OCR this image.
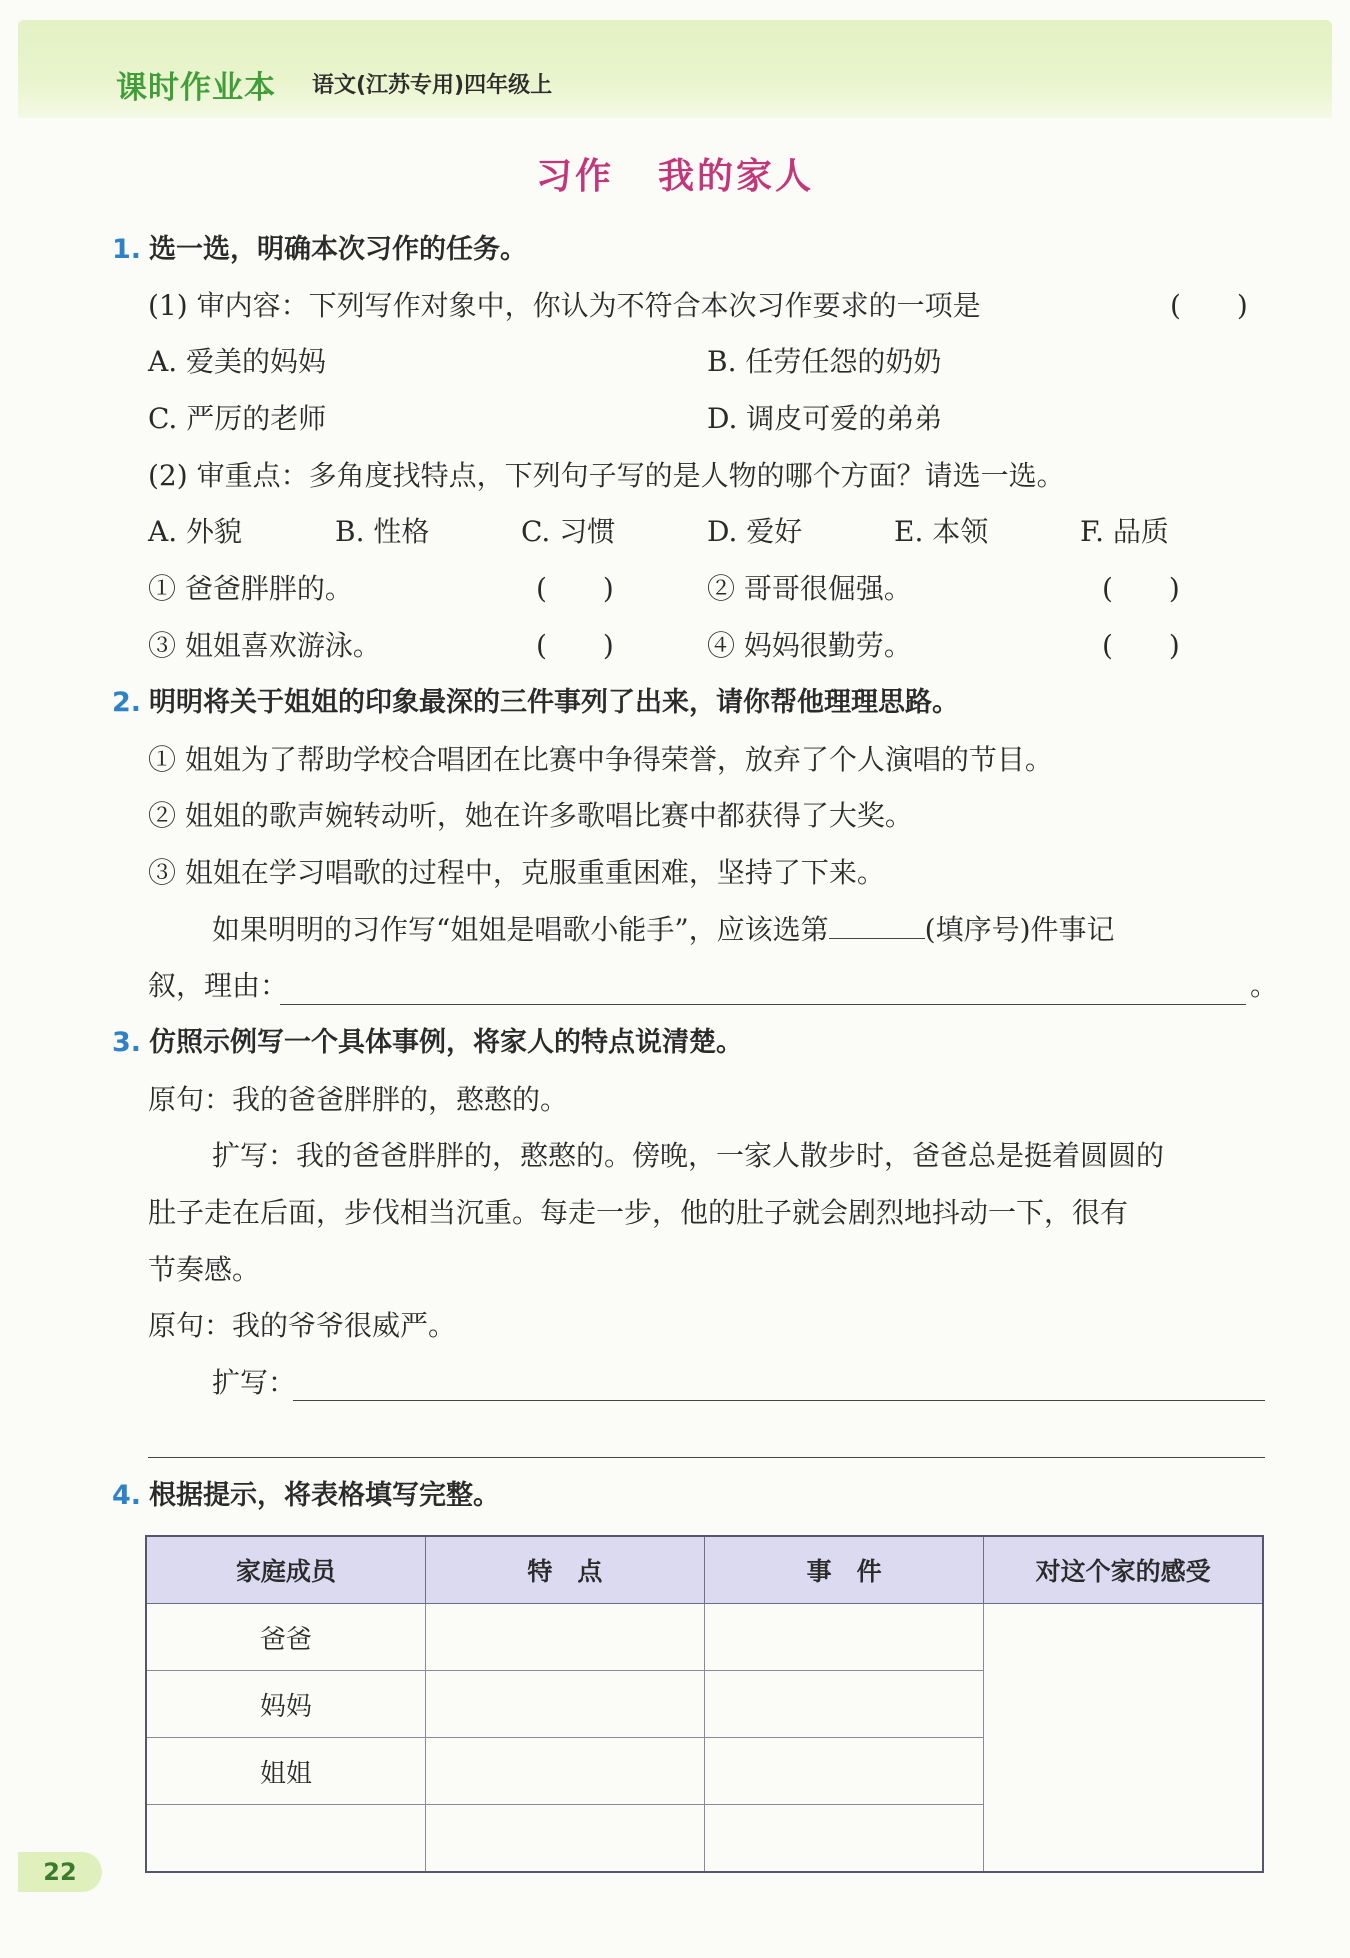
课时作业本 语文(江苏专用)四年级上
习作 我的家人
1. 选一选，明确本次习作的任务。
(1) 审内容：下列写作对象中，你认为不符合本次习作要求的一项是	(　　)
A. 爱美的妈妈	B. 任劳任怨的奶奶
C. 严厉的老师	D. 调皮可爱的弟弟
(2) 审重点：多角度找特点，下列句子写的是人物的哪个方面？请选一选。
A. 外貌	B. 性格	C. 习惯	D. 爱好	E. 本领	F. 品质
① 爸爸胖胖的。	(　　)	② 哥哥很倔强。	(　　)
③ 姐姐喜欢游泳。	(　　)	④ 妈妈很勤劳。	(　　)
2. 明明将关于姐姐的印象最深的三件事列了出来，请你帮他理理思路。
① 姐姐为了帮助学校合唱团在比赛中争得荣誉，放弃了个人演唱的节目。
② 姐姐的歌声婉转动听，她在许多歌唱比赛中都获得了大奖。
③ 姐姐在学习唱歌的过程中，克服重重困难，坚持了下来。
如果明明的习作写“姐姐是唱歌小能手”，应该选第	(填序号)件事记
叙，理由：	。
3. 仿照示例写一个具体事例，将家人的特点说清楚。
原句：我的爸爸胖胖的，憨憨的。
扩写：我的爸爸胖胖的，憨憨的。傍晚，一家人散步时，爸爸总是挺着圆圆的
肚子走在后面，步伐相当沉重。每走一步，他的肚子就会剧烈地抖动一下，很有
节奏感。
原句：我的爷爷很威严。
扩写：
4. 根据提示，将表格填写完整。
家庭成员	特　点	事　件	对这个家的感受
爸爸			
妈妈			
姐姐			

22
